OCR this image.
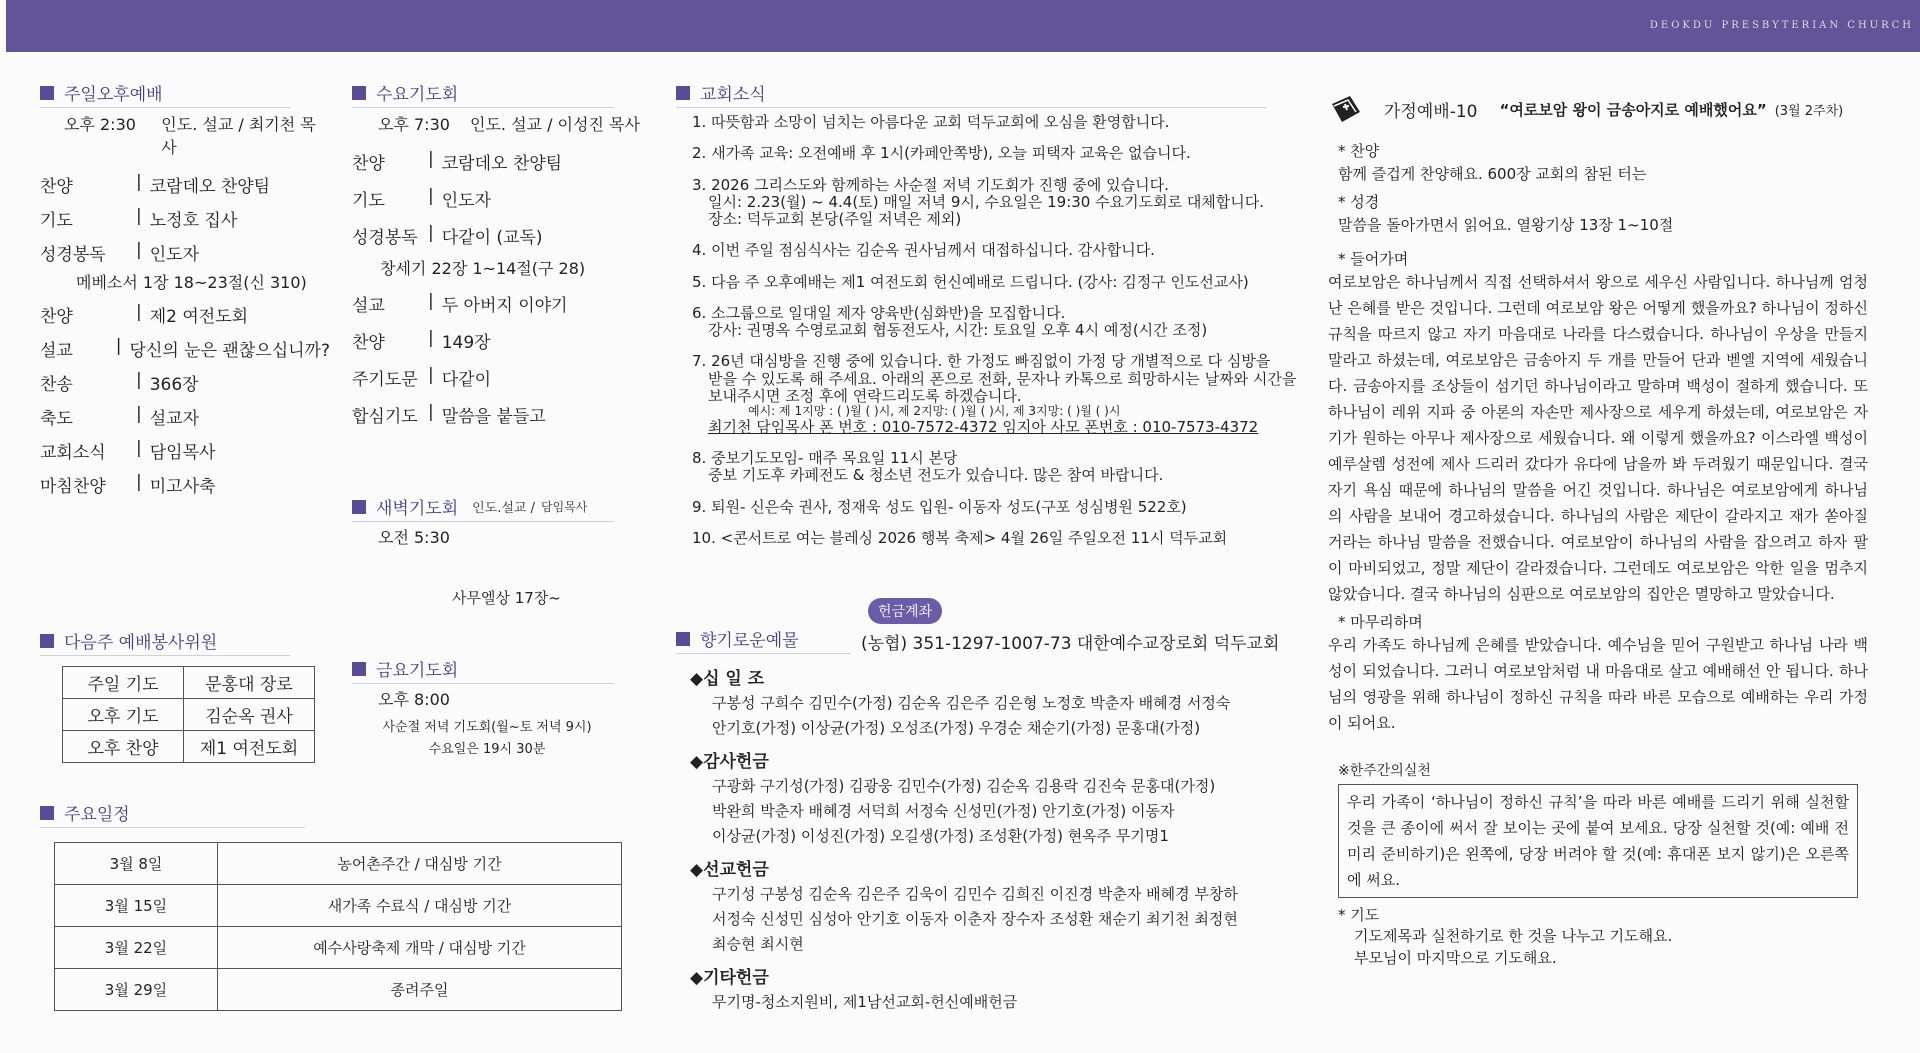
DEOKDU PRESBYTERIAN CHURCH
주일오후예배
오후 2:30	인도. 설교 / 최기천 목사
찬양	| 코람데오 찬양팀
기도	| 노정호 집사
성경봉독	| 인도자
메베소서 1장 18~23절(신 310)
찬양	| 제2 여전도회
설교	| 당신의 눈은 괜찮으십니까?
찬송	| 366장
축도	| 설교자
교회소식	| 담임목사
마침찬양	| 미고사축
다음주 예배봉사위원
주일 기도	문홍대 장로
오후 기도	김순옥 권사
오후 찬양	제1 여전도회
주요일정
3월 8일	농어촌주간 / 대심방 기간
3월 15일	새가족 수료식 / 대심방 기간
3월 22일	예수사랑축제 개막 / 대심방 기간
3월 29일	종려주일
수요기도회
오후 7:30	인도. 설교 / 이성진 목사
찬양	| 코람데오 찬양팀
기도	| 인도자
성경봉독 | 다같이 (교독)
창세기 22장 1~14절(구 28)
설교	| 두 아버지 이야기
찬양	| 149장
주기도문 | 다같이
합심기도 | 말씀을 붙들고
새벽기도회 인도.설교 / 담임목사
오전 5:30
사무엘상 17장~
금요기도회
오후 8:00
사순절 저녁 기도회(월~토 저녁 9시)
수요일은 19시 30분
교회소식

1. 따뜻함과 소망이 넘치는 아름다운 교회 덕두교회에 오심을 환영합니다.

2. 새가족 교육: 오전예배 후 1시(카페안쪽방), 오늘 피택자 교육은 없습니다.

3. 2026 그리스도와 함께하는 사순절 저녁 기도회가 진행 중에 있습니다.
일시: 2.23(월) ~ 4.4(토) 매일 저녁 9시, 수요일은 19:30 수요기도회로 대체합니다.
장소: 덕두교회 본당(주일 저녁은 제외)

4. 이번 주일 점심식사는 김순옥 권사님께서 대접하십니다. 감사합니다.

5. 다음 주 오후예배는 제1 여전도회 헌신예배로 드립니다. (강사: 김정구 인도선교사)

6. 소그룹으로 일대일 제자 양육반(심화반)을 모집합니다.
강사: 권명옥 수영로교회 협동전도사, 시간: 토요일 오후 4시 예정(시간 조정)

7. 26년 대심방을 진행 중에 있습니다. 한 가정도 빠짐없이 가정 당 개별적으로 다 심방을
받을 수 있도록 해 주세요. 아래의 폰으로 전화, 문자나 카톡으로 희망하시는 날짜와 시간을
보내주시면 조정 후에 연락드리도록 하겠습니다.
예시: 제 1지망 : ( )월 ( )시, 제 2지망: ( )월 ( )시, 제 3지망: ( )월 ( )시
최기천 담임목사 폰 번호 : 010-7572-4372 임지아 사모 폰번호 : 010-7573-4372

8. 중보기도모임- 매주 목요일 11시 본당
중보 기도후 카페전도 & 청소년 전도가 있습니다. 많은 참여 바랍니다.

9. 퇴원- 신은숙 권사, 정재욱 성도 입원- 이동자 성도(구포 성심병원 522호)

10. <콘서트로 여는 블레싱 2026 행복 축제> 4월 26일 주일오전 11시 덕두교회

헌금계좌
향기로운예물	(농협) 351-1297-1007-73 대한예수교장로회 덕두교회
◆십 일 조
구봉성 구희수 김민수(가정) 김순옥 김은주 김은형 노정호 박춘자 배혜경 서정숙
안기호(가정) 이상균(가정) 오성조(가정) 우경순 채순기(가정) 문홍대(가정)
◆감사헌금
구광화 구기성(가정) 김광웅 김민수(가정) 김순옥 김용락 김진숙 문홍대(가정)
박완희 박춘자 배혜경 서덕희 서정숙 신성민(가정) 안기호(가정) 이동자
이상균(가정) 이성진(가정) 오길생(가정) 조성환(가정) 현옥주 무기명1
◆선교헌금
구기성 구봉성 김순옥 김은주 김욱이 김민수 김희진 이진경 박춘자 배혜경 부창하
서정숙 신성민 심성아 안기호 이동자 이춘자 장수자 조성환 채순기 최기천 최정현
최승현 최시현
◆기타헌금
무기명-청소지원비, 제1남선교회-헌신예배헌금
가정예배-10 “여로보암 왕이 금송아지로 예배했어요” (3월 2주차)
* 찬양

함께 즐겁게 찬양해요. 600장 교회의 참된 터는

* 성경

말씀을 돌아가면서 읽어요. 열왕기상 13장 1~10절

* 들어가며

여로보암은 하나님께서 직접 선택하셔서 왕으로 세우신 사람입니다. 하나님께 엄청난 은혜를 받은 것입니다. 그런데 여로보암 왕은 어떻게 했을까요? 하나님이 정하신 규칙을 따르지 않고 자기 마음대로 나라를 다스렸습니다. 하나님이 우상을 만들지 말라고 하셨는데, 여로보암은 금송아지 두 개를 만들어 단과 벧엘 지역에 세웠습니다. 금송아지를 조상들이 섬기던 하나님이라고 말하며 백성이 절하게 했습니다. 또 하나님이 레위 지파 중 아론의 자손만 제사장으로 세우게 하셨는데, 여로보암은 자기가 원하는 아무나 제사장으로 세웠습니다. 왜 이렇게 했을까요? 이스라엘 백성이 예루살렘 성전에 제사 드리러 갔다가 유다에 남을까 봐 두려웠기 때문입니다. 결국 자기 욕심 때문에 하나님의 말씀을 어긴 것입니다. 하나님은 여로보암에게 하나님의 사람을 보내어 경고하셨습니다. 하나님의 사람은 제단이 갈라지고 재가 쏟아질 거라는 하나님 말씀을 전했습니다. 여로보암이 하나님의 사람을 잡으려고 하자 팔이 마비되었고, 정말 제단이 갈라졌습니다. 그런데도 여로보암은 악한 일을 멈추지 않았습니다. 결국 하나님의 심판으로 여로보암의 집안은 멸망하고 말았습니다.

* 마무리하며

우리 가족도 하나님께 은혜를 받았습니다. 예수님을 믿어 구원받고 하나님 나라 백성이 되었습니다. 그러니 여로보암처럼 내 마음대로 살고 예배해선 안 됩니다. 하나님의 영광을 위해 하나님이 정하신 규칙을 따라 바른 모습으로 예배하는 우리 가정이 되어요.

※한주간의실천
우리 가족이 ‘하나님이 정하신 규칙’을 따라 바른 예배를 드리기 위해 실천할 것을 큰 종이에 써서 잘 보이는 곳에 붙여 보세요. 당장 실천할 것(예: 예배 전 미리 준비하기)은 왼쪽에, 당장 버려야 할 것(예: 휴대폰 보지 않기)은 오른쪽에 써요.
* 기도
기도제목과 실천하기로 한 것을 나누고 기도해요.
부모님이 마지막으로 기도해요.
